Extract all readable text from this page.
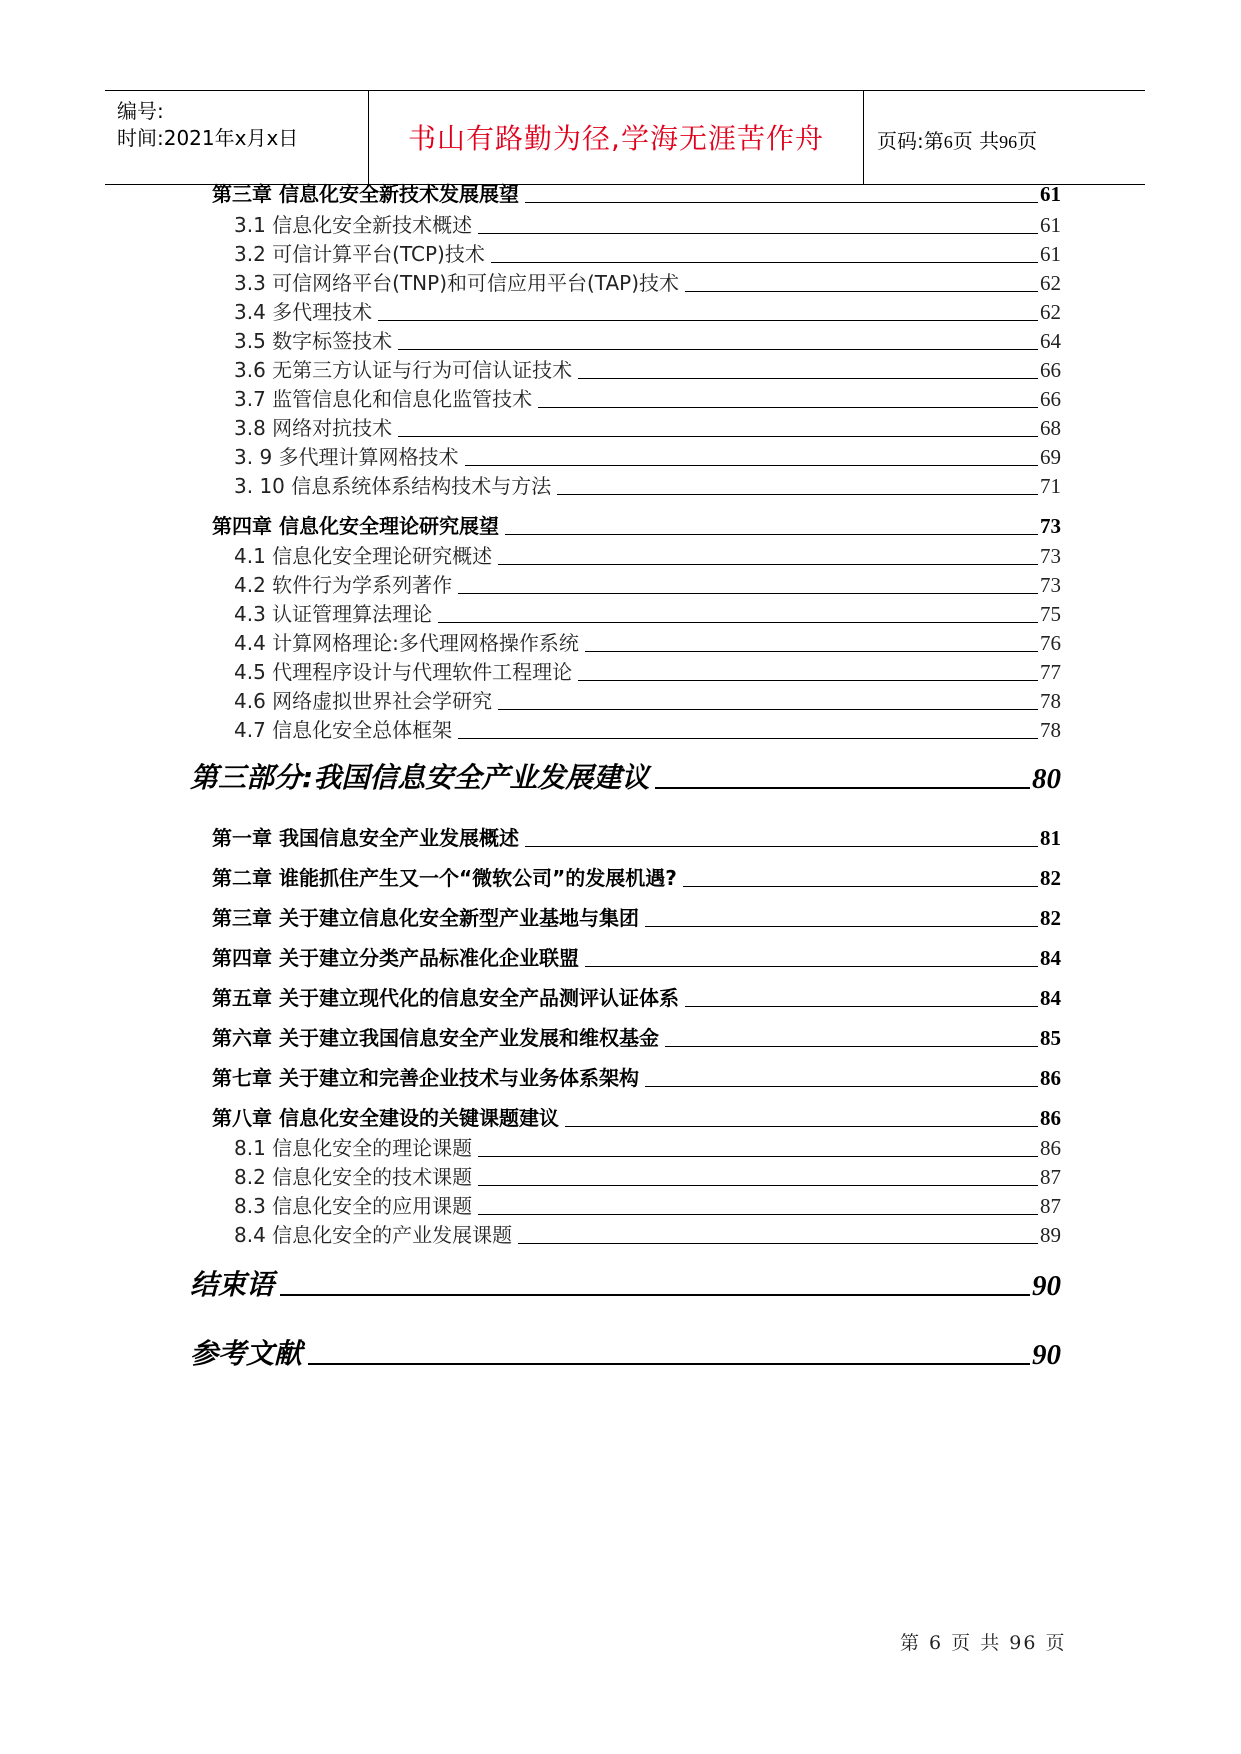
编号:
时间:2021年x月x日	书山有路勤为径,学海无涯苦作舟	页码:第6页 共96页
第三章 信息化安全新技术发展展望	61
3.1 信息化安全新技术概述	61
3.2 可信计算平台(TCP)技术	61
3.3 可信网络平台(TNP)和可信应用平台(TAP)技术	62
3.4 多代理技术	62
3.5 数字标签技术	64
3.6 无第三方认证与行为可信认证技术	66
3.7 监管信息化和信息化监管技术	66
3.8 网络对抗技术	68
3. 9 多代理计算网格技术	69
3. 10 信息系统体系结构技术与方法	71
第四章 信息化安全理论研究展望	73
4.1 信息化安全理论研究概述	73
4.2 软件行为学系列著作	73
4.3 认证管理算法理论	75
4.4 计算网格理论:多代理网格操作系统	76
4.5 代理程序设计与代理软件工程理论	77
4.6 网络虚拟世界社会学研究	78
4.7 信息化安全总体框架	78
第三部分:我国信息安全产业发展建议	80
第一章 我国信息安全产业发展概述	81
第二章 谁能抓住产生又一个“微软公司”的发展机遇?	82
第三章 关于建立信息化安全新型产业基地与集团	82
第四章 关于建立分类产品标准化企业联盟	84
第五章 关于建立现代化的信息安全产品测评认证体系	84
第六章 关于建立我国信息安全产业发展和维权基金	85
第七章 关于建立和完善企业技术与业务体系架构	86
第八章 信息化安全建设的关键课题建议	86
8.1 信息化安全的理论课题	86
8.2 信息化安全的技术课题	87
8.3 信息化安全的应用课题	87
8.4 信息化安全的产业发展课题	89
结束语	90
参考文献	90
第 6 页 共 96 页
